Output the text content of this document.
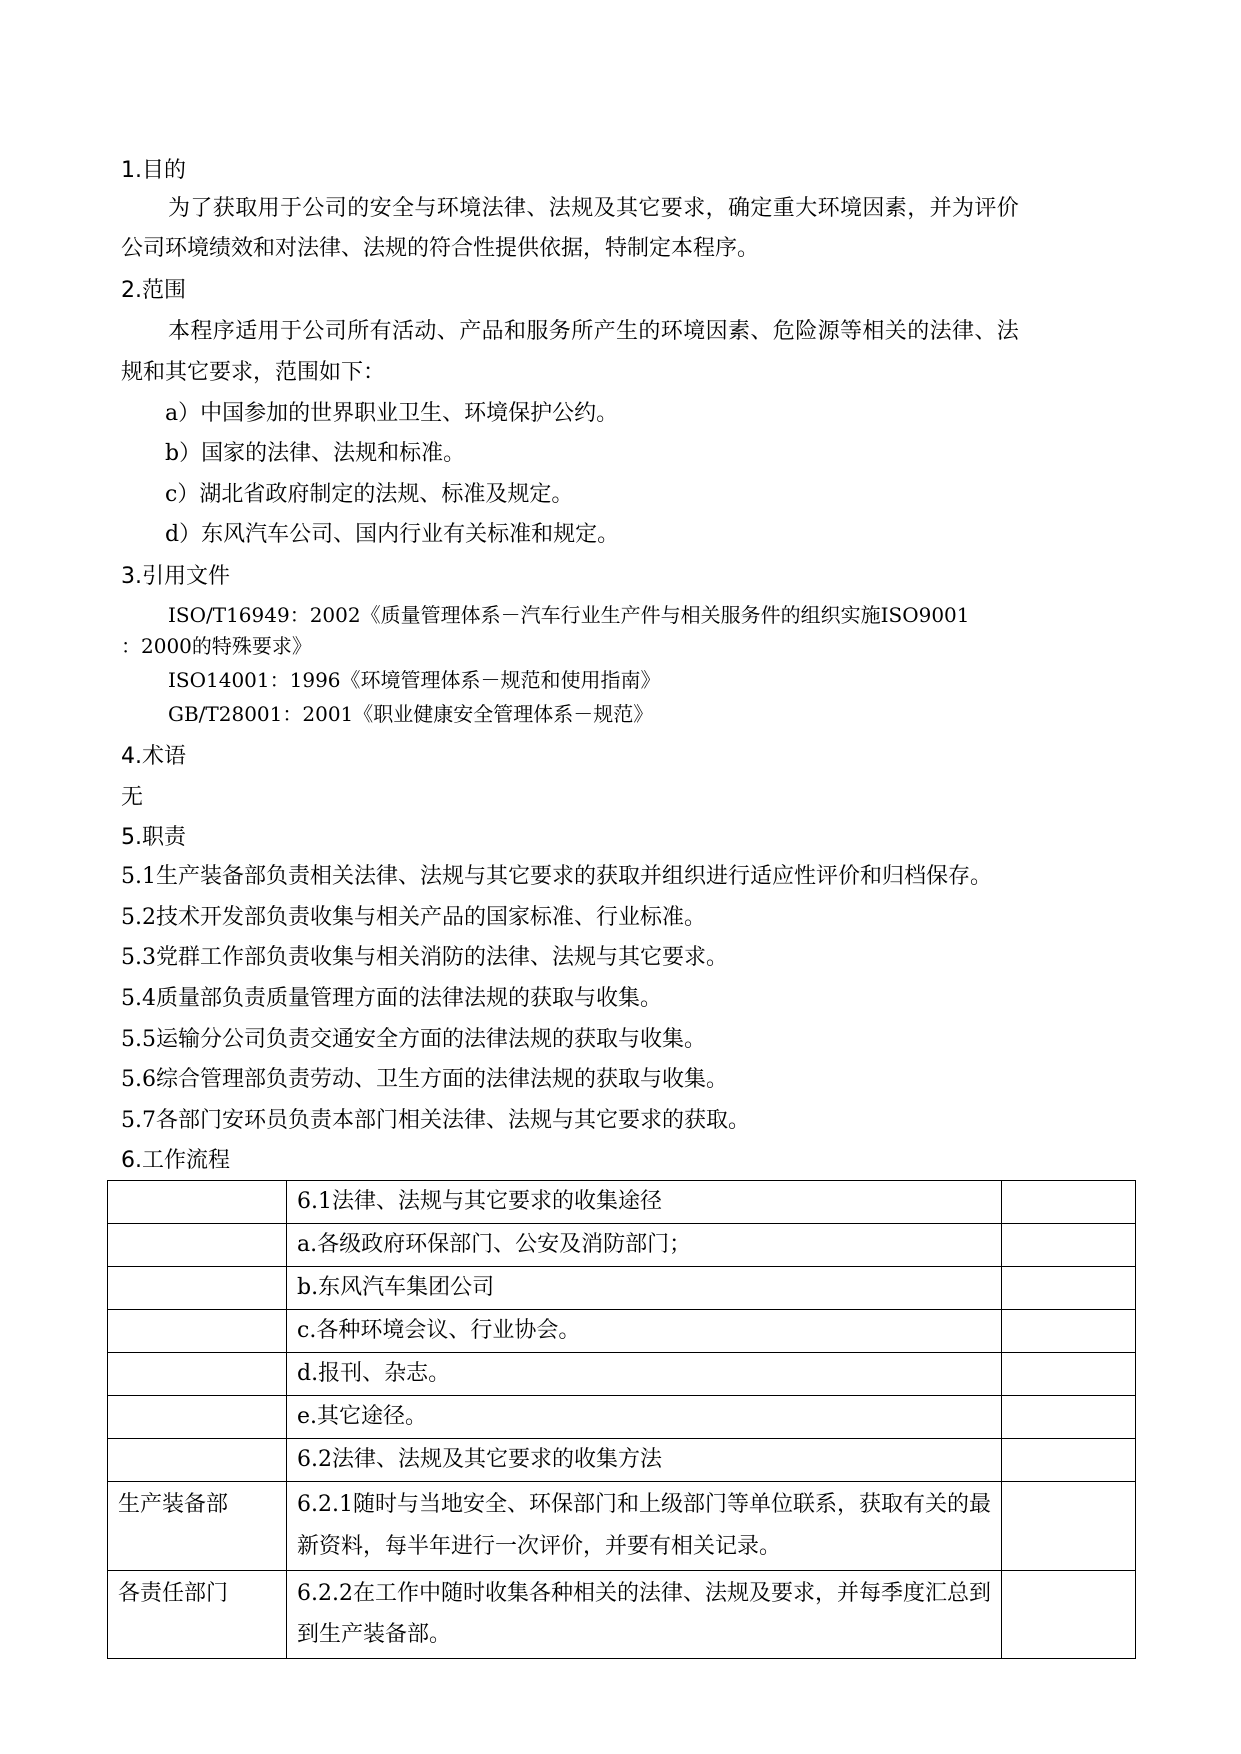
1.目的
为了获取用于公司的安全与环境法律、法规及其它要求，确定重大环境因素，并为评价
公司环境绩效和对法律、法规的符合性提供依据，特制定本程序。
2.范围
本程序适用于公司所有活动、产品和服务所产生的环境因素、危险源等相关的法律、法
规和其它要求，范围如下：
a）中国参加的世界职业卫生、环境保护公约。
b）国家的法律、法规和标准。
c）湖北省政府制定的法规、标准及规定。
d）东风汽车公司、国内行业有关标准和规定。
3.引用文件
ISO/T16949：2002《质量管理体系－汽车行业生产件与相关服务件的组织实施ISO9001
：2000的特殊要求》
ISO14001：1996《环境管理体系－规范和使用指南》
GB/T28001：2001《职业健康安全管理体系－规范》
4.术语
无
5.职责
5.1生产装备部负责相关法律、法规与其它要求的获取并组织进行适应性评价和归档保存。
5.2技术开发部负责收集与相关产品的国家标准、行业标准。
5.3党群工作部负责收集与相关消防的法律、法规与其它要求。
5.4质量部负责质量管理方面的法律法规的获取与收集。
5.5运输分公司负责交通安全方面的法律法规的获取与收集。
5.6综合管理部负责劳动、卫生方面的法律法规的获取与收集。
5.7各部门安环员负责本部门相关法律、法规与其它要求的获取。
6.工作流程
	6.1法律、法规与其它要求的收集途径	
	a.各级政府环保部门、公安及消防部门；	
	b.东风汽车集团公司	
	c.各种环境会议、行业协会。	
	d.报刊、杂志。	
	e.其它途径。	
	6.2法律、法规及其它要求的收集方法	
生产装备部	6.2.1随时与当地安全、环保部门和上级部门等单位联系，获取有关的最新资料，每半年进行一次评价，并要有相关记录。	
各责任部门	6.2.2在工作中随时收集各种相关的法律、法规及要求，并每季度汇总到到生产装备部。	
